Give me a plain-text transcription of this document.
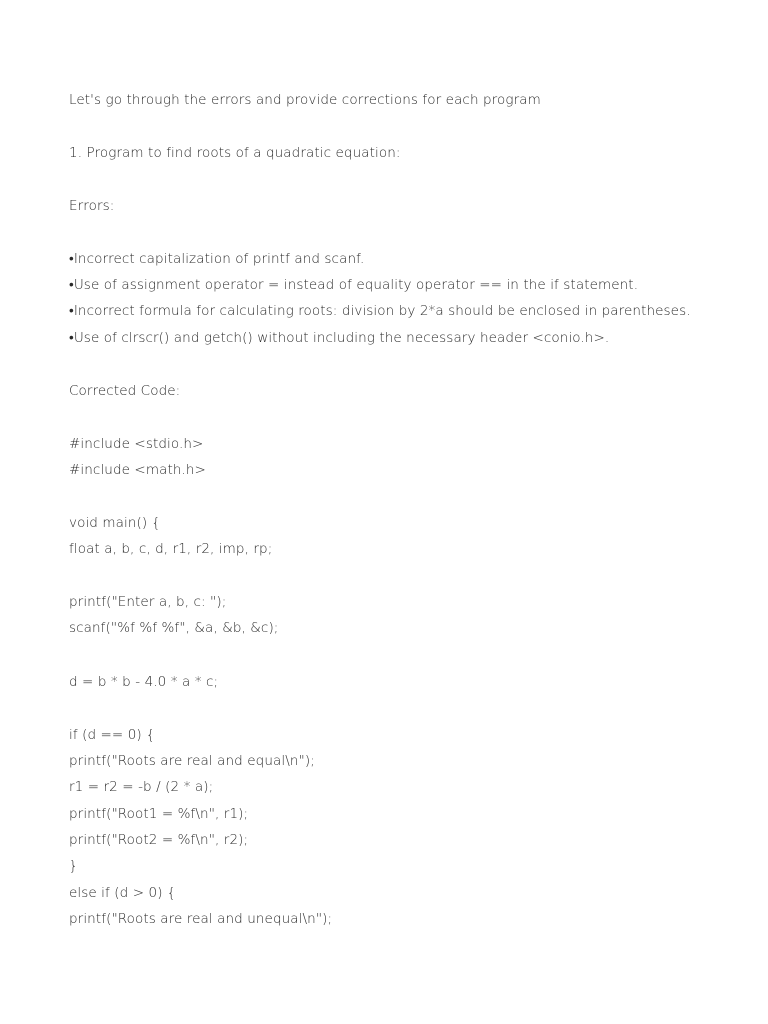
Let's go through the errors and provide corrections for each program
1. Program to find roots of a quadratic equation:
Errors:
•Incorrect capitalization of printf and scanf.
•Use of assignment operator = instead of equality operator == in the if statement.
•Incorrect formula for calculating roots: division by 2*a should be enclosed in parentheses.
•Use of clrscr() and getch() without including the necessary header <conio.h>.
Corrected Code:
#include <stdio.h>
#include <math.h>
void main() {
float a, b, c, d, r1, r2, imp, rp;
printf("Enter a, b, c: ");
scanf("%f %f %f", &a, &b, &c);
d = b * b - 4.0 * a * c;
if (d == 0) {
printf("Roots are real and equal\n");
r1 = r2 = -b / (2 * a);
printf("Root1 = %f\n", r1);
printf("Root2 = %f\n", r2);
}
else if (d > 0) {
printf("Roots are real and unequal\n");
